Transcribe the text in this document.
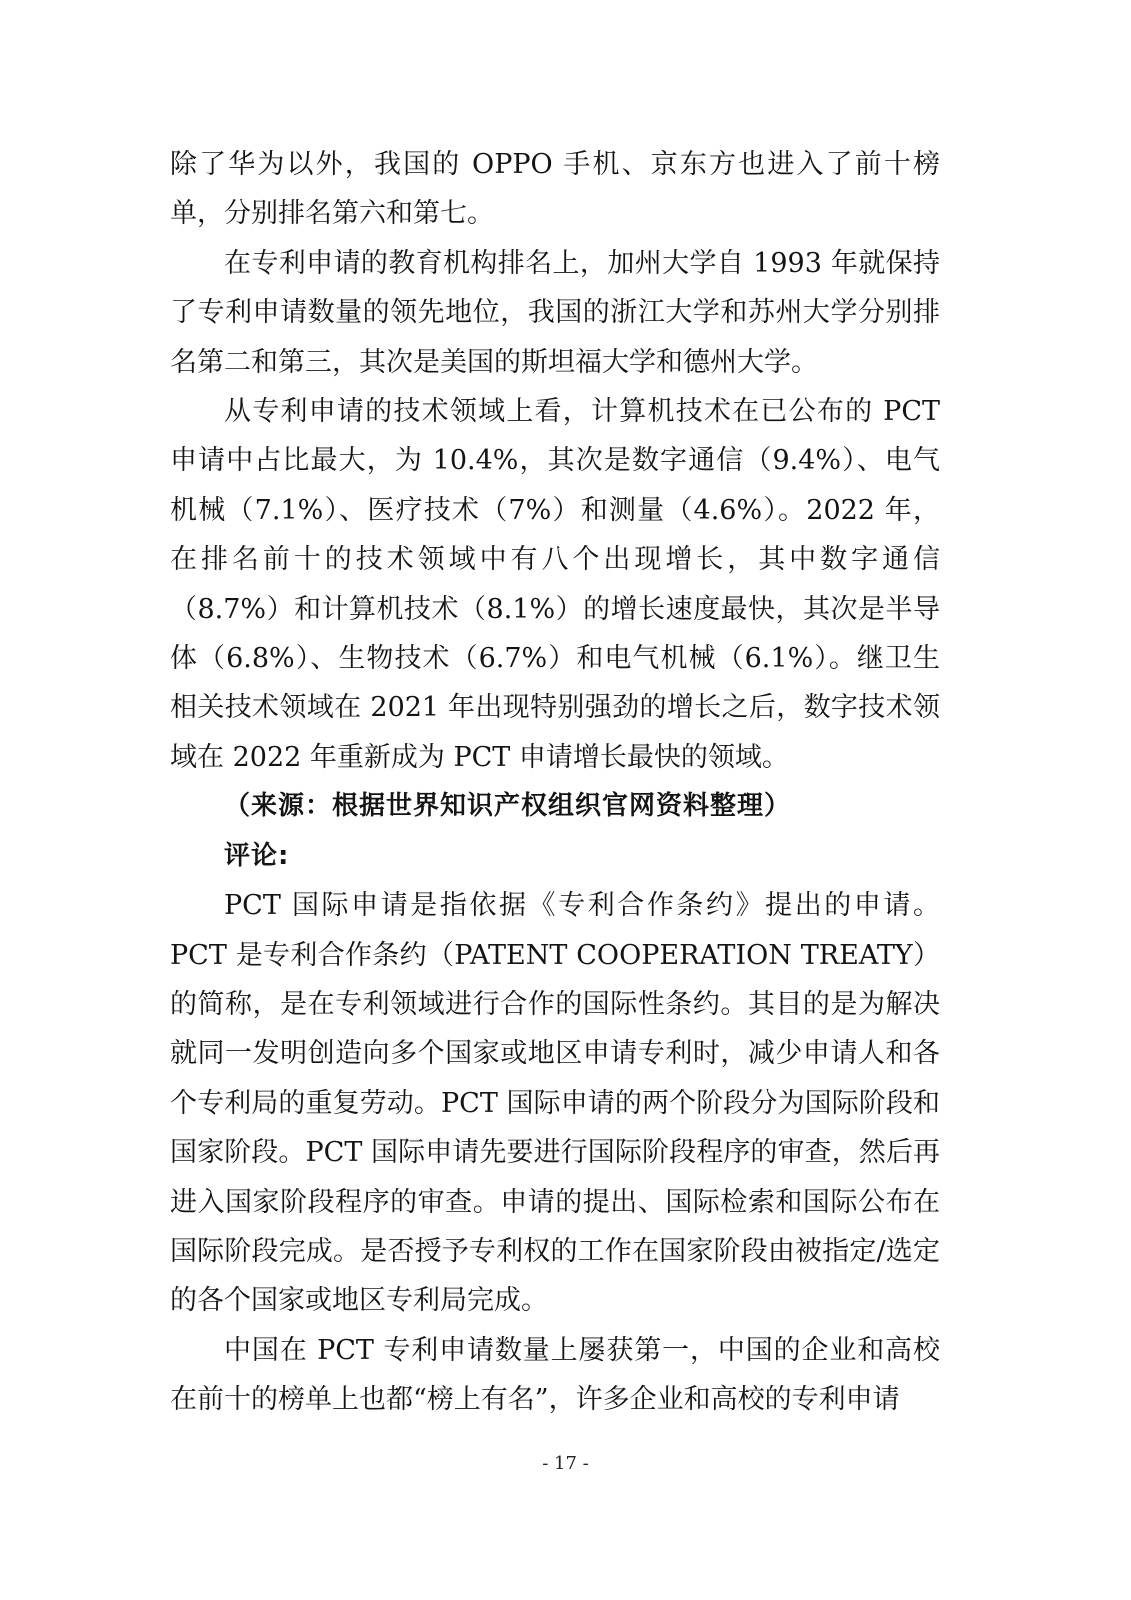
除了华为以外，我国的 OPPO 手机、京东方也进入了前十榜单，分别排名第六和第七。

在专利申请的教育机构排名上，加州大学自 1993 年就保持了专利申请数量的领先地位，我国的浙江大学和苏州大学分别排名第二和第三，其次是美国的斯坦福大学和德州大学。

从专利申请的技术领域上看，计算机技术在已公布的 PCT 申请中占比最大，为 10.4%，其次是数字通信（9.4%）、电气机械（7.1%）、医疗技术（7%）和测量（4.6%）。2022 年，在排名前十的技术领域中有八个出现增长，其中数字通信（8.7%）和计算机技术（8.1%）的增长速度最快，其次是半导体（6.8%）、生物技术（6.7%）和电气机械（6.1%）。继卫生相关技术领域在 2021 年出现特别强劲的增长之后，数字技术领域在 2022 年重新成为 PCT 申请增长最快的领域。

（来源：根据世界知识产权组织官网资料整理）

评论:

PCT 国际申请是指依据《专利合作条约》提出的申请。PCT 是专利合作条约（PATENT COOPERATION TREATY）的简称，是在专利领域进行合作的国际性条约。其目的是为解决就同一发明创造向多个国家或地区申请专利时，减少申请人和各个专利局的重复劳动。PCT 国际申请的两个阶段分为国际阶段和国家阶段。PCT 国际申请先要进行国际阶段程序的审查，然后再进入国家阶段程序的审查。申请的提出、国际检索和国际公布在国际阶段完成。是否授予专利权的工作在国家阶段由被指定/选定的各个国家或地区专利局完成。

中国在 PCT 专利申请数量上屡获第一，中国的企业和高校在前十的榜单上也都“榜上有名”，许多企业和高校的专利申请

- 17 -
